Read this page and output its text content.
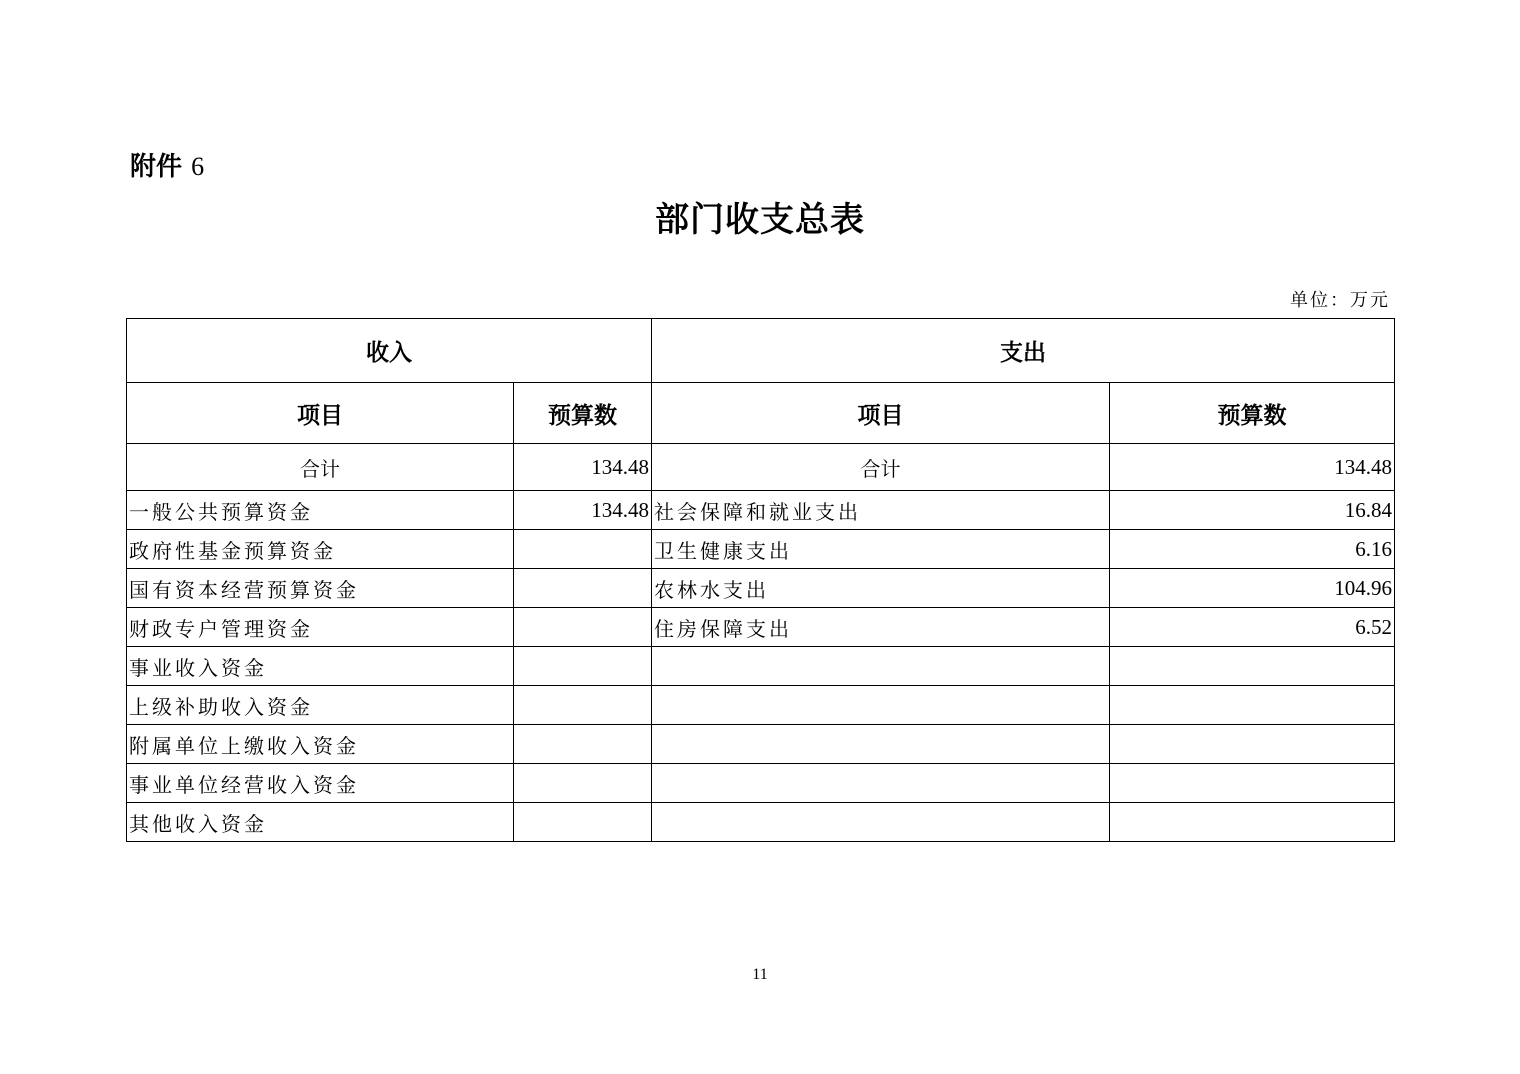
附件 6
部门收支总表
单位：万元
收入		支出	
项目	预算数	项目	预算数
合计	134.48	合计	134.48
一般公共预算资金	134.48	社会保障和就业支出	16.84
政府性基金预算资金		卫生健康支出	6.16
国有资本经营预算资金		农林水支出	104.96
财政专户管理资金		住房保障支出	6.52
事业收入资金			
上级补助收入资金			
附属单位上缴收入资金			
事业单位经营收入资金			
其他收入资金			
11
